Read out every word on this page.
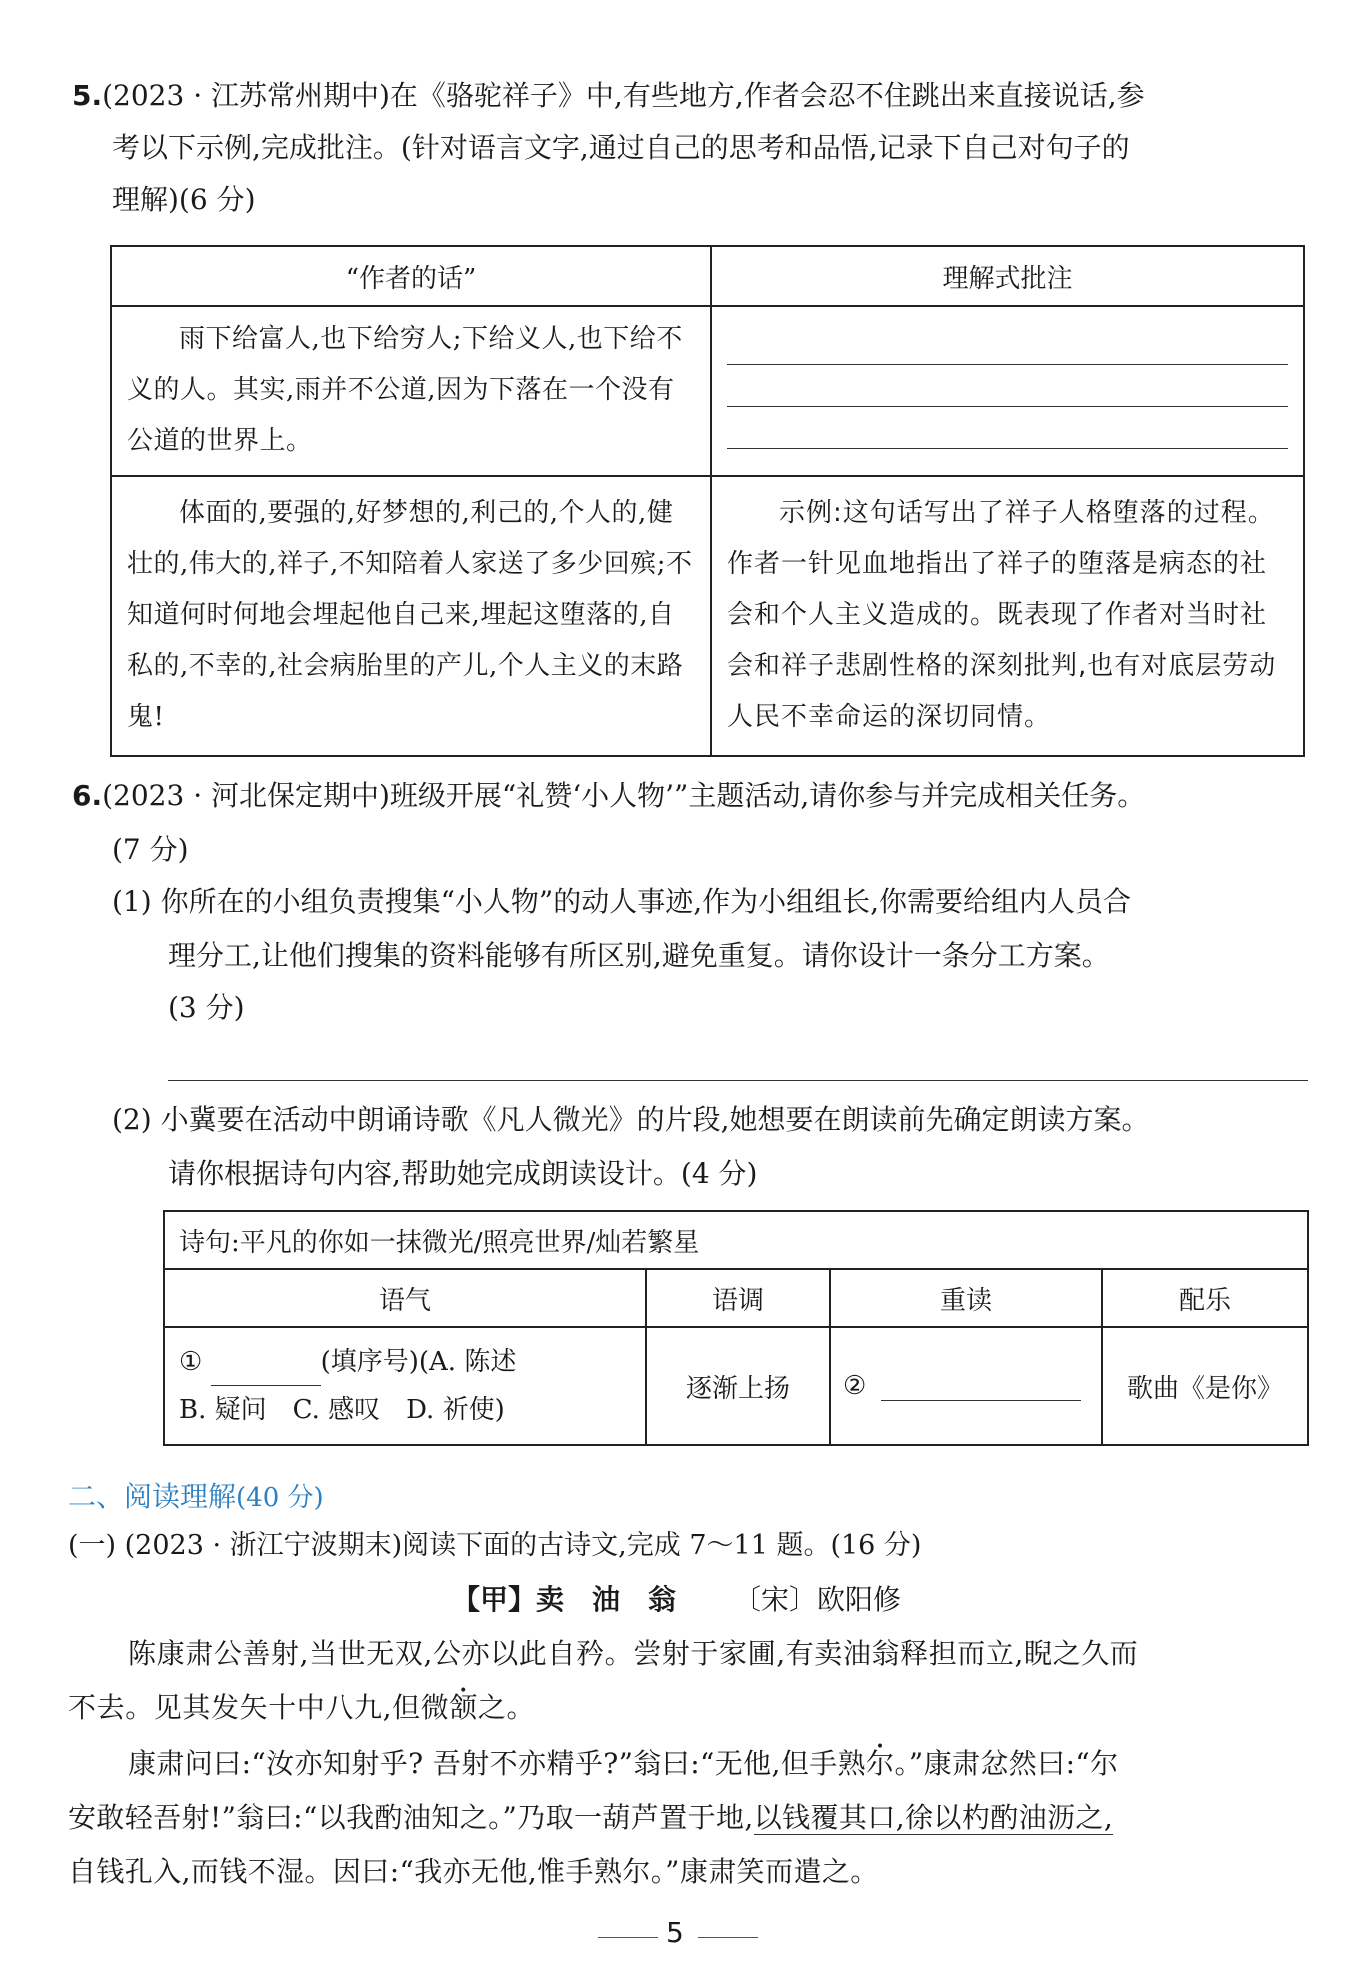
5.(2023 · 江苏常州期中)在《骆驼祥子》中,有些地方,作者会忍不住跳出来直接说话,参
考以下示例,完成批注。(针对语言文字,通过自己的思考和品悟,记录下自己对句子的
理解)(6 分)
“作者的话”	理解式批注

雨下给富人,也下给穷人;下给义人,也下给不义的人。其实,雨并不公道,因为下落在一个没有公道的世界上。	

体面的,要强的,好梦想的,利己的,个人的,健壮的,伟大的,祥子,不知陪着人家送了多少回殡;不知道何时何地会埋起他自己来,埋起这堕落的,自私的,不幸的,社会病胎里的产儿,个人主义的末路鬼!	示例:这句话写出了祥子人格堕落的过程。作者一针见血地指出了祥子的堕落是病态的社会和个人主义造成的。既表现了作者对当时社会和祥子悲剧性格的深刻批判,也有对底层劳动人民不幸命运的深切同情。
6.(2023 · 河北保定期中)班级开展“礼赞‘小人物’”主题活动,请你参与并完成相关任务。
(7 分)
(1) 你所在的小组负责搜集“小人物”的动人事迹,作为小组组长,你需要给组内人员合
理分工,让他们搜集的资料能够有所区别,避免重复。请你设计一条分工方案。
(3 分)
(2) 小冀要在活动中朗诵诗歌《凡人微光》的片段,她想要在朗读前先确定朗读方案。
请你根据诗句内容,帮助她完成朗读设计。(4 分)
诗句:平凡的你如一抹微光/照亮世界/灿若繁星			
语气	语调	重读	配乐
① (填序号)(A. 陈述
B. 疑问　C. 感叹　D. 祈使)	逐渐上扬	②	歌曲《是你》
二、阅读理解(40 分)
(一) (2023 · 浙江宁波期末)阅读下面的古诗文,完成 7～11 题。(16 分)
【甲】卖　油　翁 〔宋〕欧阳修
陈康肃公善射,当世无双,公亦以此自矜。尝射于家圃,有卖油翁释担而立,睨之久而
不去。见其发矢十中八九,但微颔之。
康肃问曰:“汝亦知射乎? 吾射不亦精乎?”翁曰:“无他,但手熟尔。”康肃忿然曰:“尔
安敢轻吾射!”翁曰:“以我酌油知之。”乃取一葫芦置于地,以钱覆其口,徐以杓酌油沥之,
自钱孔入,而钱不湿。因曰:“我亦无他,惟手熟尔。”康肃笑而遣之。
5
